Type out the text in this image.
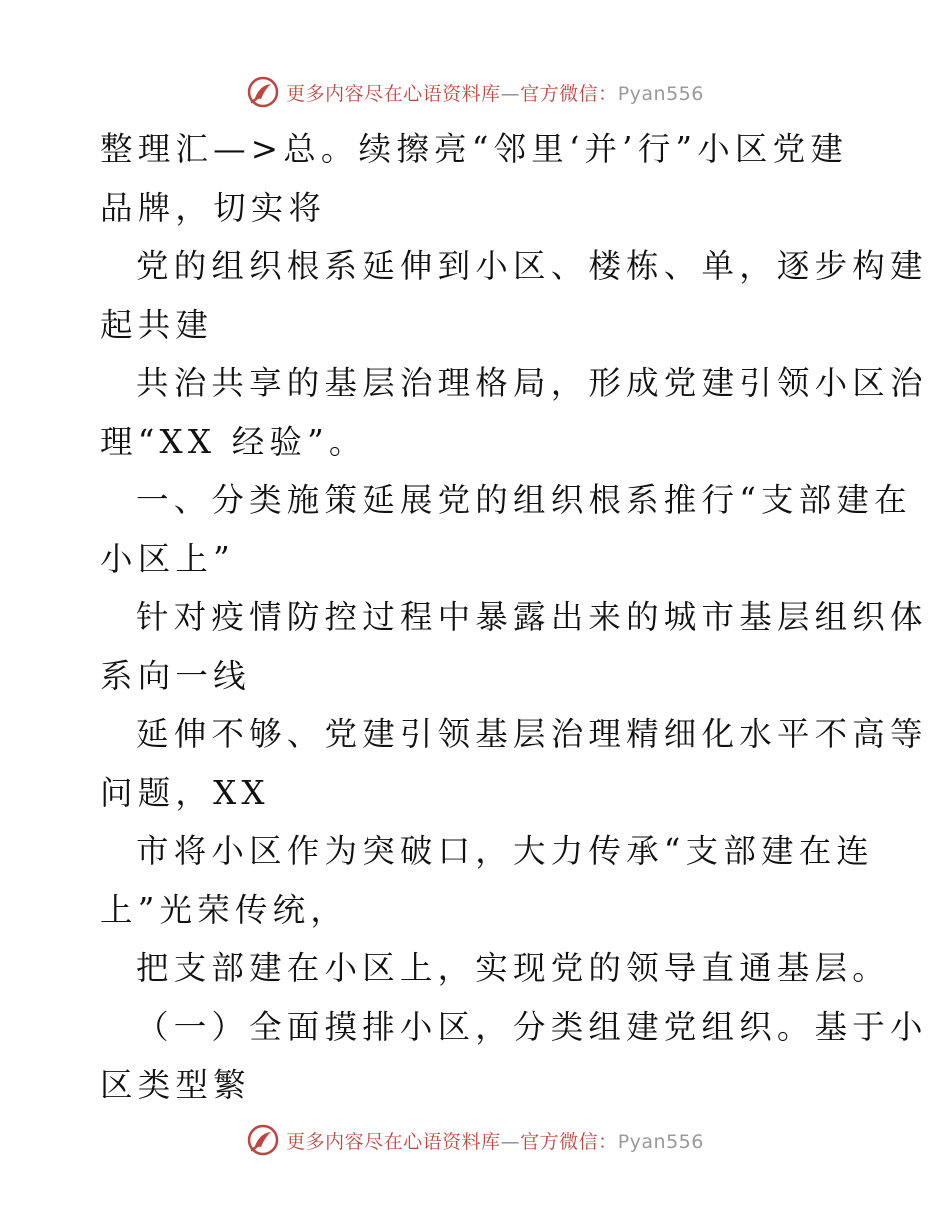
更多内容尽在心语资料库—官方微信：Pyan556
整理汇—>总。续擦亮“邻里‘并’行”小区党建
品牌，切实将
党的组织根系延伸到小区、楼栋、单，逐步构建
起共建
共治共享的基层治理格局，形成党建引领小区治
理“XX 经验”。
一、分类施策延展党的组织根系推行“支部建在
小区上”
针对疫情防控过程中暴露出来的城市基层组织体
系向一线
延伸不够、党建引领基层治理精细化水平不高等
问题，XX
市将小区作为突破口，大力传承“支部建在连
上”光荣传统，
把支部建在小区上，实现党的领导直通基层。
（一）全面摸排小区，分类组建党组织。基于小
区类型繁
更多内容尽在心语资料库—官方微信：Pyan556
